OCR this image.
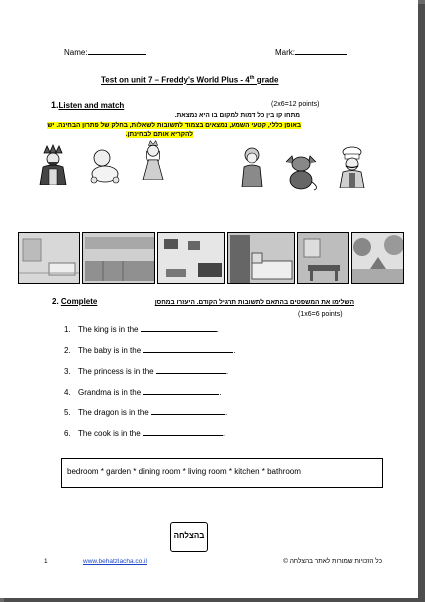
Name:	Mark:
Test on unit 7 – Freddy's World Plus - 4th grade
1.Listen and match	(2x6=12 points)
מתחו קו בין כל דמות למקום בו היא נמצאת.
באופן כללי, קטעי השמע, נמצאים בצמוד לתשובות לשאלות, בחלק של פתרון הבחינה. יש
להקריא אותם לבחינתן.
2. Complete	השלימו את המשפטים בהתאם לתשובות תרגיל הקודם. היעזרו במחסן
(1x6=6 points)
1. The king is in the	.
2. The baby is in the	.
3. The princess is in the	.
4. Grandma is in the	.
5. The dragon is in the	.
6. The cook is in the	.
bedroom * garden * dining room * living room * kitchen * bathroom
בהצלחה
1	www.behatzlacha.co.il	כל הזכויות שמורות לאתר בהצלחה ©
